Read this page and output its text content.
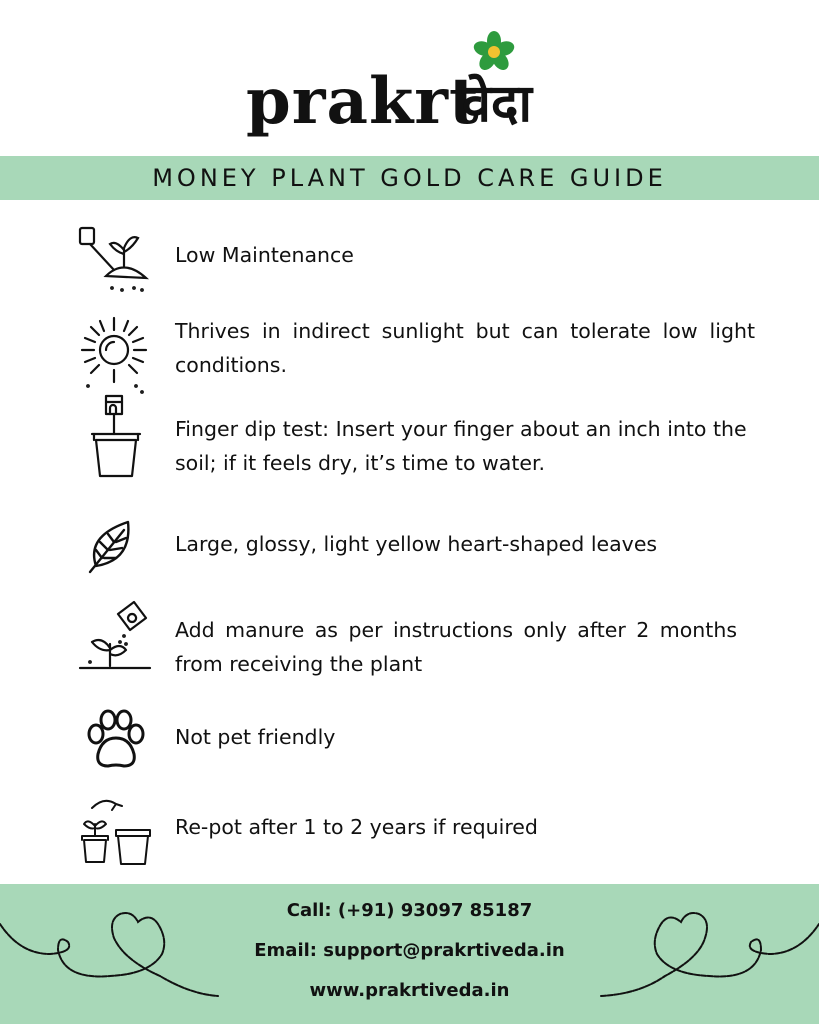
prakrt
वेदा
MONEY PLANT GOLD CARE GUIDE
Low Maintenance
Thrives in indirect sunlight but can tolerate low light conditions.
Finger dip test: Insert your finger about an inch into the soil; if it feels dry, it’s time to water.
Large, glossy, light yellow heart-shaped leaves
Add manure as per instructions only after 2 months from receiving the plant
Not pet friendly
Re-pot after 1 to 2 years if required
Call: (+91) 93097 85187
Email: support@prakrtiveda.in
www.prakrtiveda.in
